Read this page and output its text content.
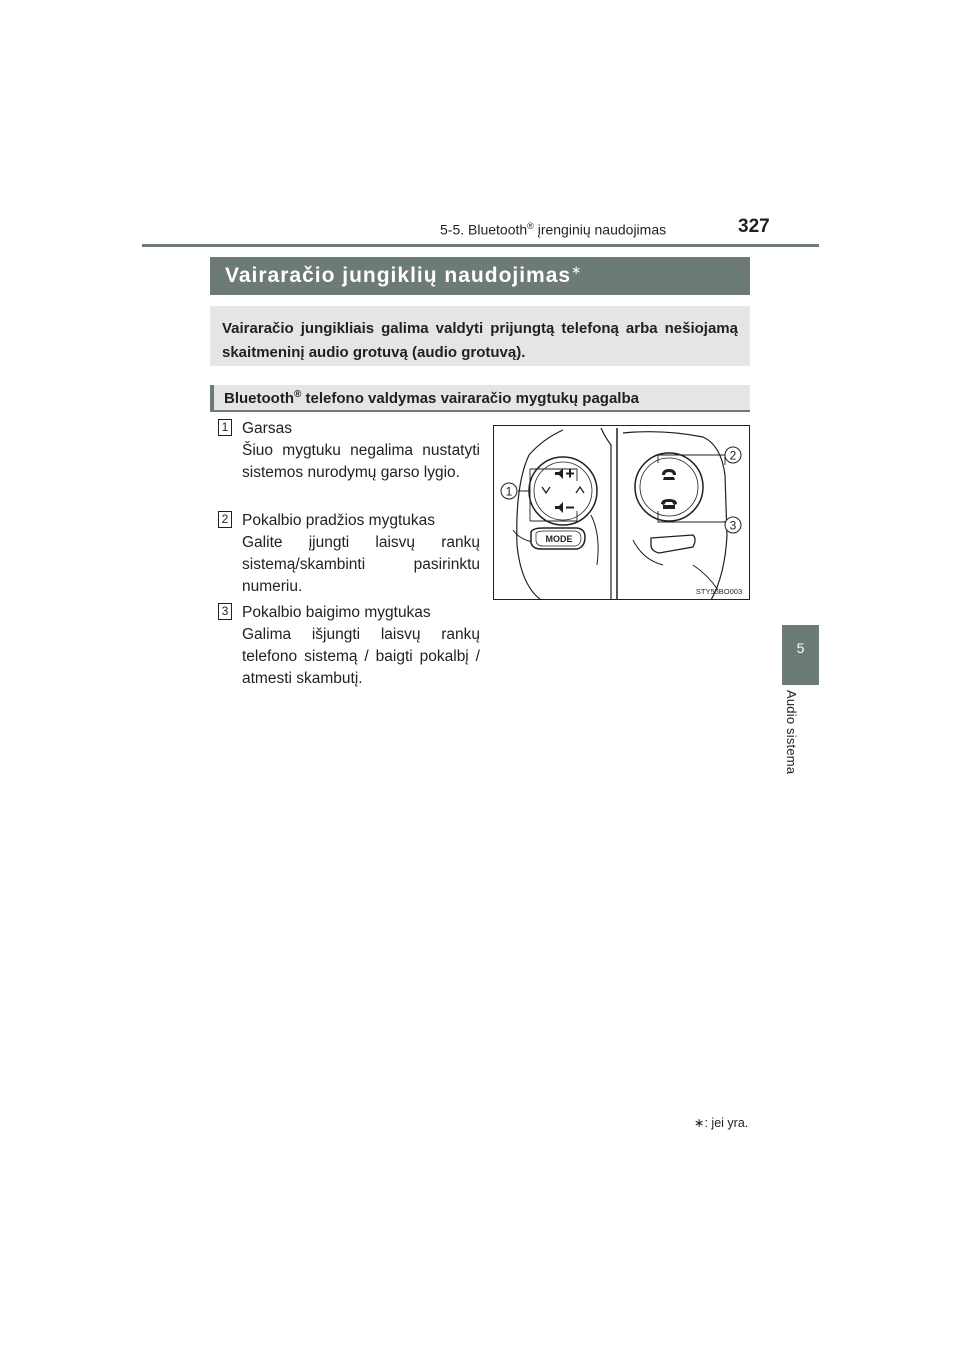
5-5. Bluetooth® įrenginių naudojimas	327
5
Audio sistema
Vairaračio jungiklių naudojimas∗
Vairaračio jungikliais galima valdyti prijungtą telefoną arba nešiojamą skaitmeninį audio grotuvą (audio grotuvą).
Bluetooth® telefono valdymas vairaračio mygtukų pagalba
1 Garsas
Šiuo mygtuku negalima nustatyti sistemos nurodymų garso lygio.
2 Pokalbio pradžios mygtukas
Galite įjungti laisvų rankų sistemą/skambinti pasirinktu numeriu.
3 Pokalbio baigimo mygtukas
Galima išjungti laisvų rankų telefono sistemą / baigti pokalbį / atmesti skambutį.
1
MODE
2
3
STY55BO003
∗: jei yra.
